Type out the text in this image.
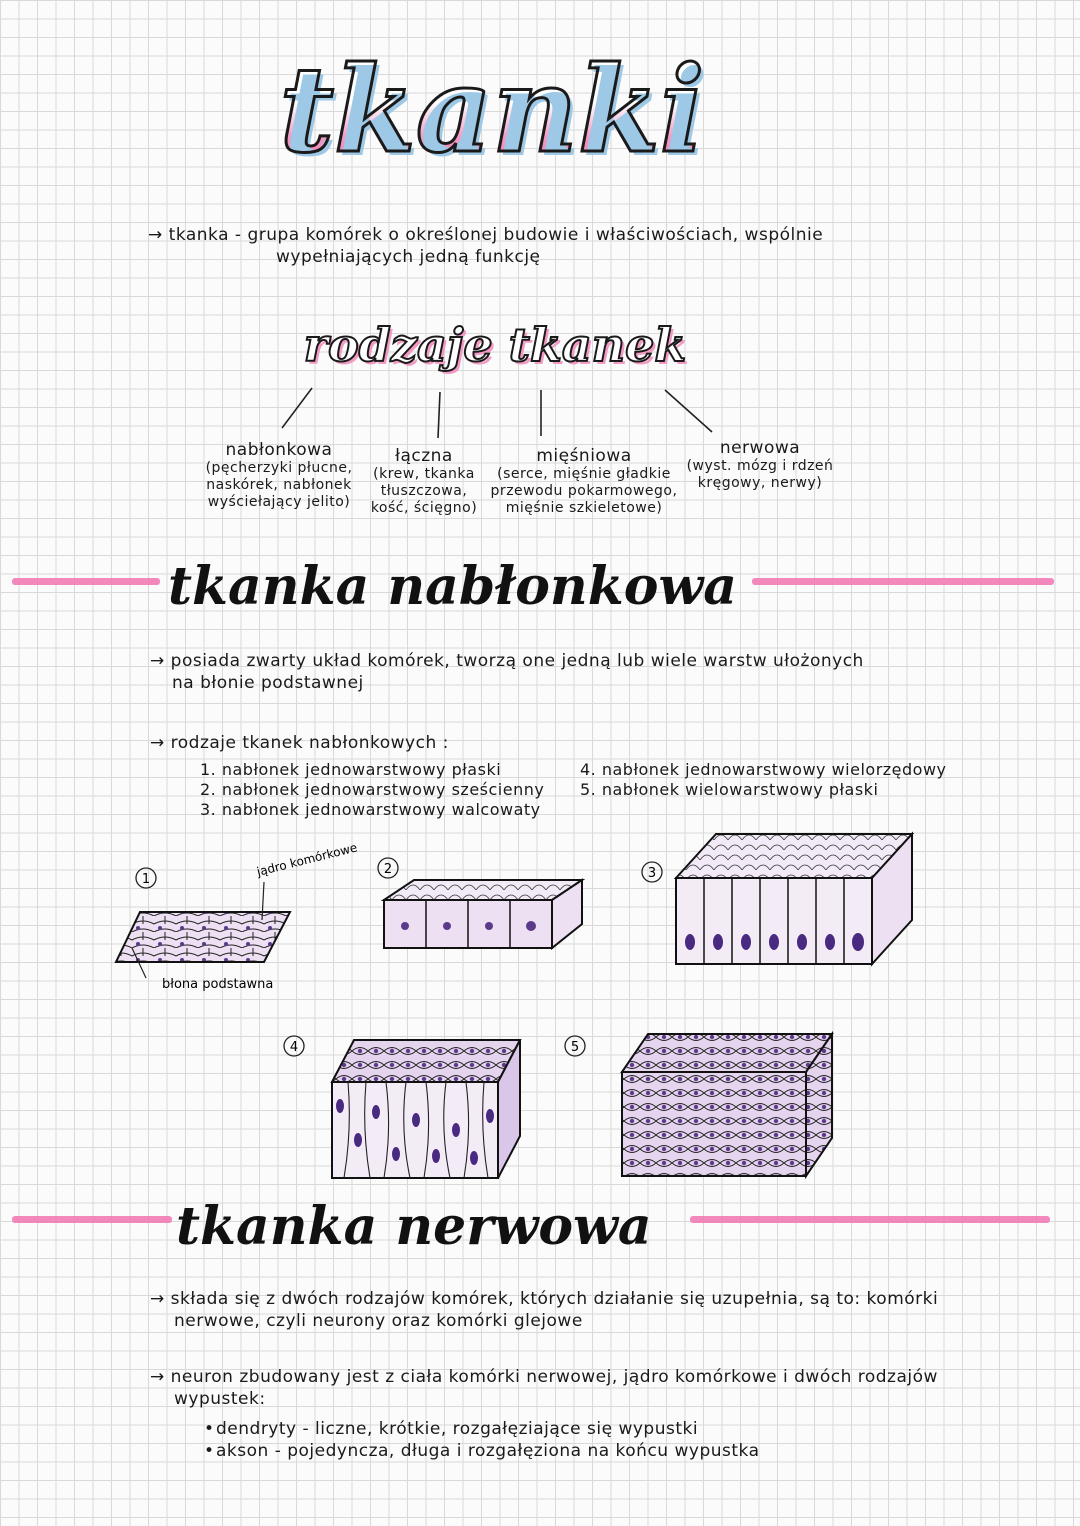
tkanki
→ tkanka - grupa komórek o określonej budowie i właściwościach, wspólnie
wypełniających jedną funkcję
rodzaje tkanek
nabłonkowa
(pęcherzyki płucne,
naskórek, nabłonek
wyściełający jelito)
łączna
(krew, tkanka
tłuszczowa,
kość, ścięgno)
mięśniowa
(serce, mięśnie gładkie
przewodu pokarmowego,
mięśnie szkieletowe)
nerwowa
(wyst. mózg i rdzeń
kręgowy, nerwy)
tkanka nabłonkowa
→ posiada zwarty układ komórek, tworzą one jedną lub wiele warstw ułożonych
na błonie podstawnej
→ rodzaje tkanek nabłonkowych :
1. nabłonek jednowarstwowy płaski
2. nabłonek jednowarstwowy sześcienny
3. nabłonek jednowarstwowy walcowaty
4. nabłonek jednowarstwowy wielorzędowy
5. nabłonek wielowarstwowy płaski
1
2	3
4	5
jądro komórkowe
błona podstawna
tkanka nerwowa
→ składa się z dwóch rodzajów komórek, których działanie się uzupełnia, są to: komórki
nerwowe, czyli neurony oraz komórki glejowe
→ neuron zbudowany jest z ciała komórki nerwowej, jądro komórkowe i dwóch rodzajów
wypustek:
•dendryty - liczne, krótkie, rozgałęziające się wypustki
•akson - pojedyncza, długa i rozgałęziona na końcu wypustka
